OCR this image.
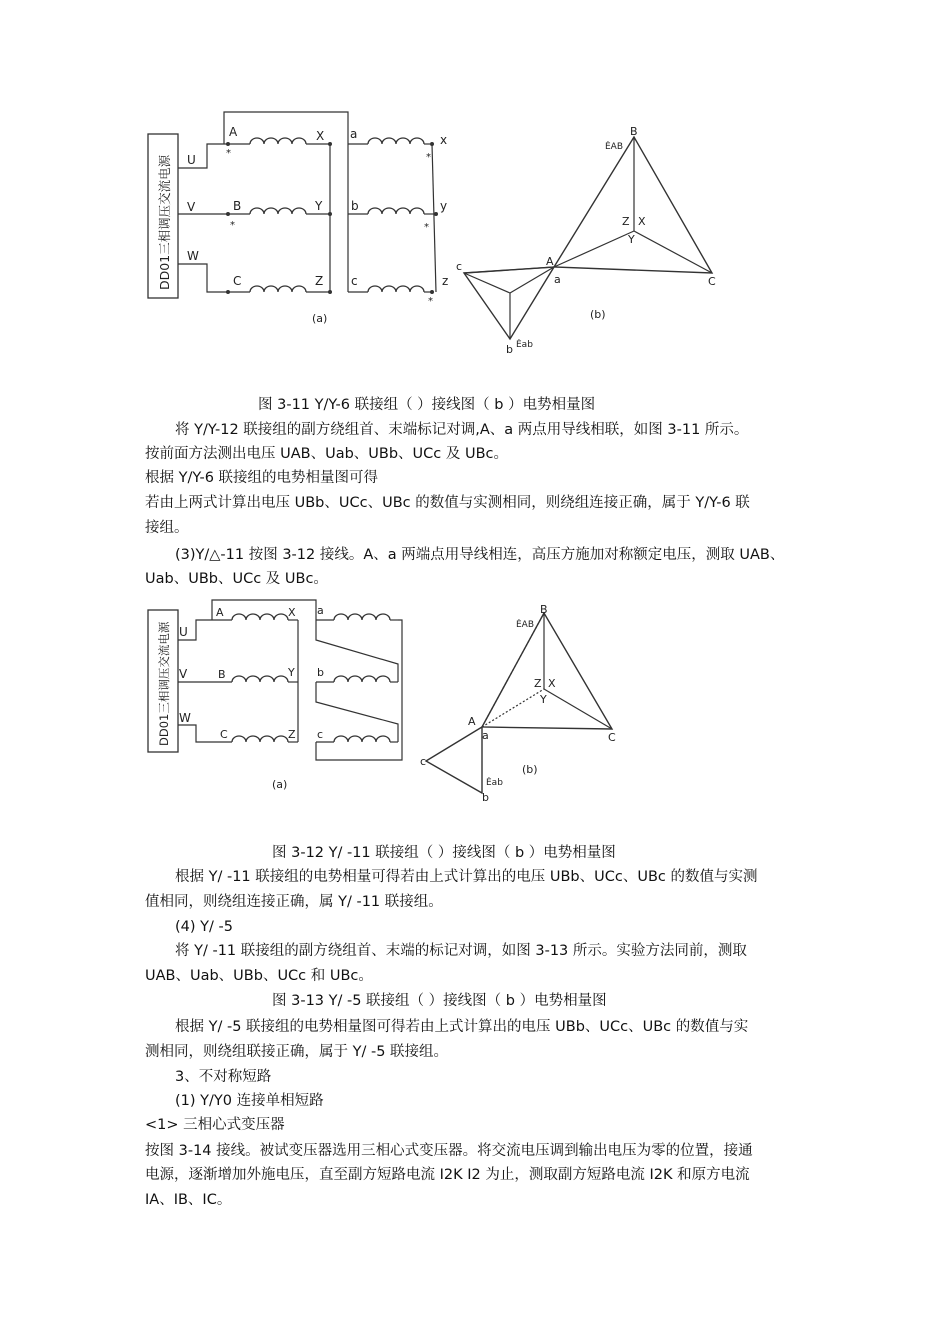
DD01三相调压交流电源 U
V
W
A	X
B	Y
C	Z
*
*
a	x
b	y
c	z
*
*
*
(a)
B
ĖAB
Z X
Y
A
a	C
c
b Ėab
(b)
图 3-11 Y/Y-6 联接组（ ）接线图（ b ）电势相量图
将 Y/Y-12 联接组的副方绕组首、末端标记对调,A、a 两点用导线相联，如图 3-11 所示。
按前面方法测出电压 UAB、Uab、UBb、UCc 及 UBc。
根据 Y/Y-6 联接组的电势相量图可得
若由上两式计算出电压 UBb、UCc、UBc 的数值与实测相同，则绕组连接正确，属于 Y/Y-6 联
接组。
(3)Y/△-11 按图 3-12 接线。A、a 两端点用导线相连，高压方施加对称额定电压，测取 UAB、
Uab、UBb、UCc 及 UBc。
DD01三相调压交流电源 U
V
W
A	X
B	Y
C	Z
a
b
c
(a)
B
ĖAB
Z X
Y
A
a	C
c
b
Ėab
(b)
图 3-12 Y/ -11 联接组（ ）接线图（ b ）电势相量图
根据 Y/ -11 联接组的电势相量可得若由上式计算出的电压 UBb、UCc、UBc 的数值与实测
值相同，则绕组连接正确，属 Y/ -11 联接组。
(4) Y/ -5
将 Y/ -11 联接组的副方绕组首、末端的标记对调，如图 3-13 所示。实验方法同前，测取
UAB、Uab、UBb、UCc 和 UBc。
图 3-13 Y/ -5 联接组（ ）接线图（ b ）电势相量图
根据 Y/ -5 联接组的电势相量图可得若由上式计算出的电压 UBb、UCc、UBc 的数值与实
测相同，则绕组联接正确，属于 Y/ -5 联接组。
3、不对称短路
(1) Y/Y0 连接单相短路
<1> 三相心式变压器
按图 3-14 接线。被试变压器选用三相心式变压器。将交流电压调到输出电压为零的位置，接通
电源，逐渐增加外施电压，直至副方短路电流 I2K I2 为止，测取副方短路电流 I2K 和原方电流
IA、IB、IC。
